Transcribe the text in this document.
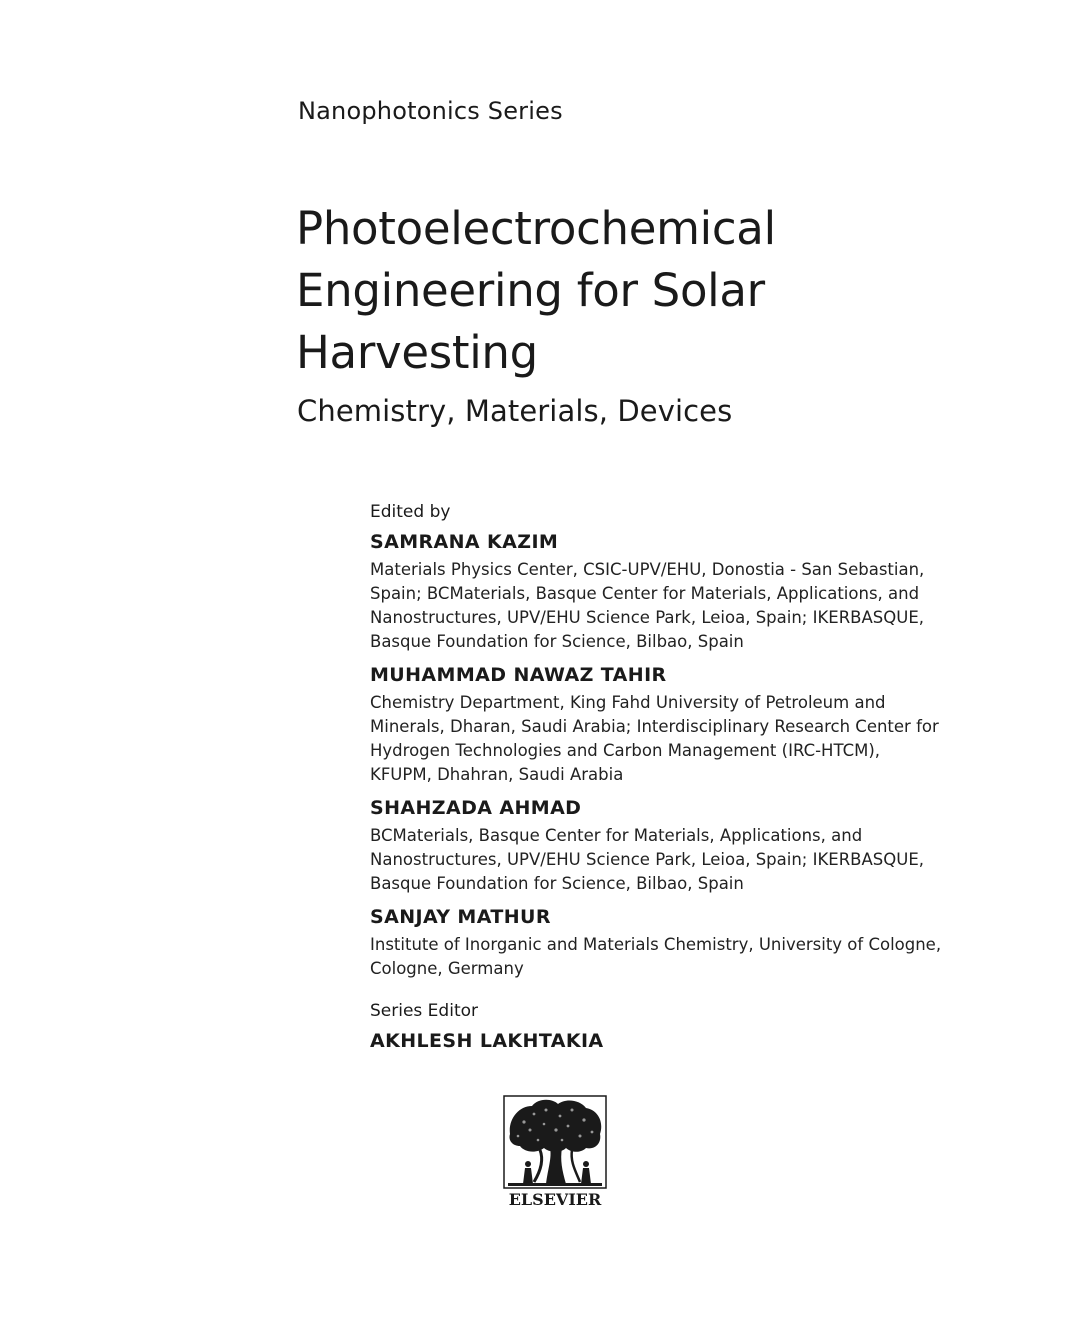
Nanophotonics Series
Photoelectrochemical
Engineering for Solar
Harvesting
Chemistry, Materials, Devices
Edited by
SAMRANA KAZIM
Materials Physics Center, CSIC-UPV/EHU, Donostia - San Sebastian,
Spain; BCMaterials, Basque Center for Materials, Applications, and
Nanostructures, UPV/EHU Science Park, Leioa, Spain; IKERBASQUE,
Basque Foundation for Science, Bilbao, Spain
MUHAMMAD NAWAZ TAHIR
Chemistry Department, King Fahd University of Petroleum and
Minerals, Dharan, Saudi Arabia; Interdisciplinary Research Center for
Hydrogen Technologies and Carbon Management (IRC-HTCM),
KFUPM, Dhahran, Saudi Arabia
SHAHZADA AHMAD
BCMaterials, Basque Center for Materials, Applications, and
Nanostructures, UPV/EHU Science Park, Leioa, Spain; IKERBASQUE,
Basque Foundation for Science, Bilbao, Spain
SANJAY MATHUR
Institute of Inorganic and Materials Chemistry, University of Cologne,
Cologne, Germany
Series Editor
AKHLESH LAKHTAKIA
ELSEVIER
